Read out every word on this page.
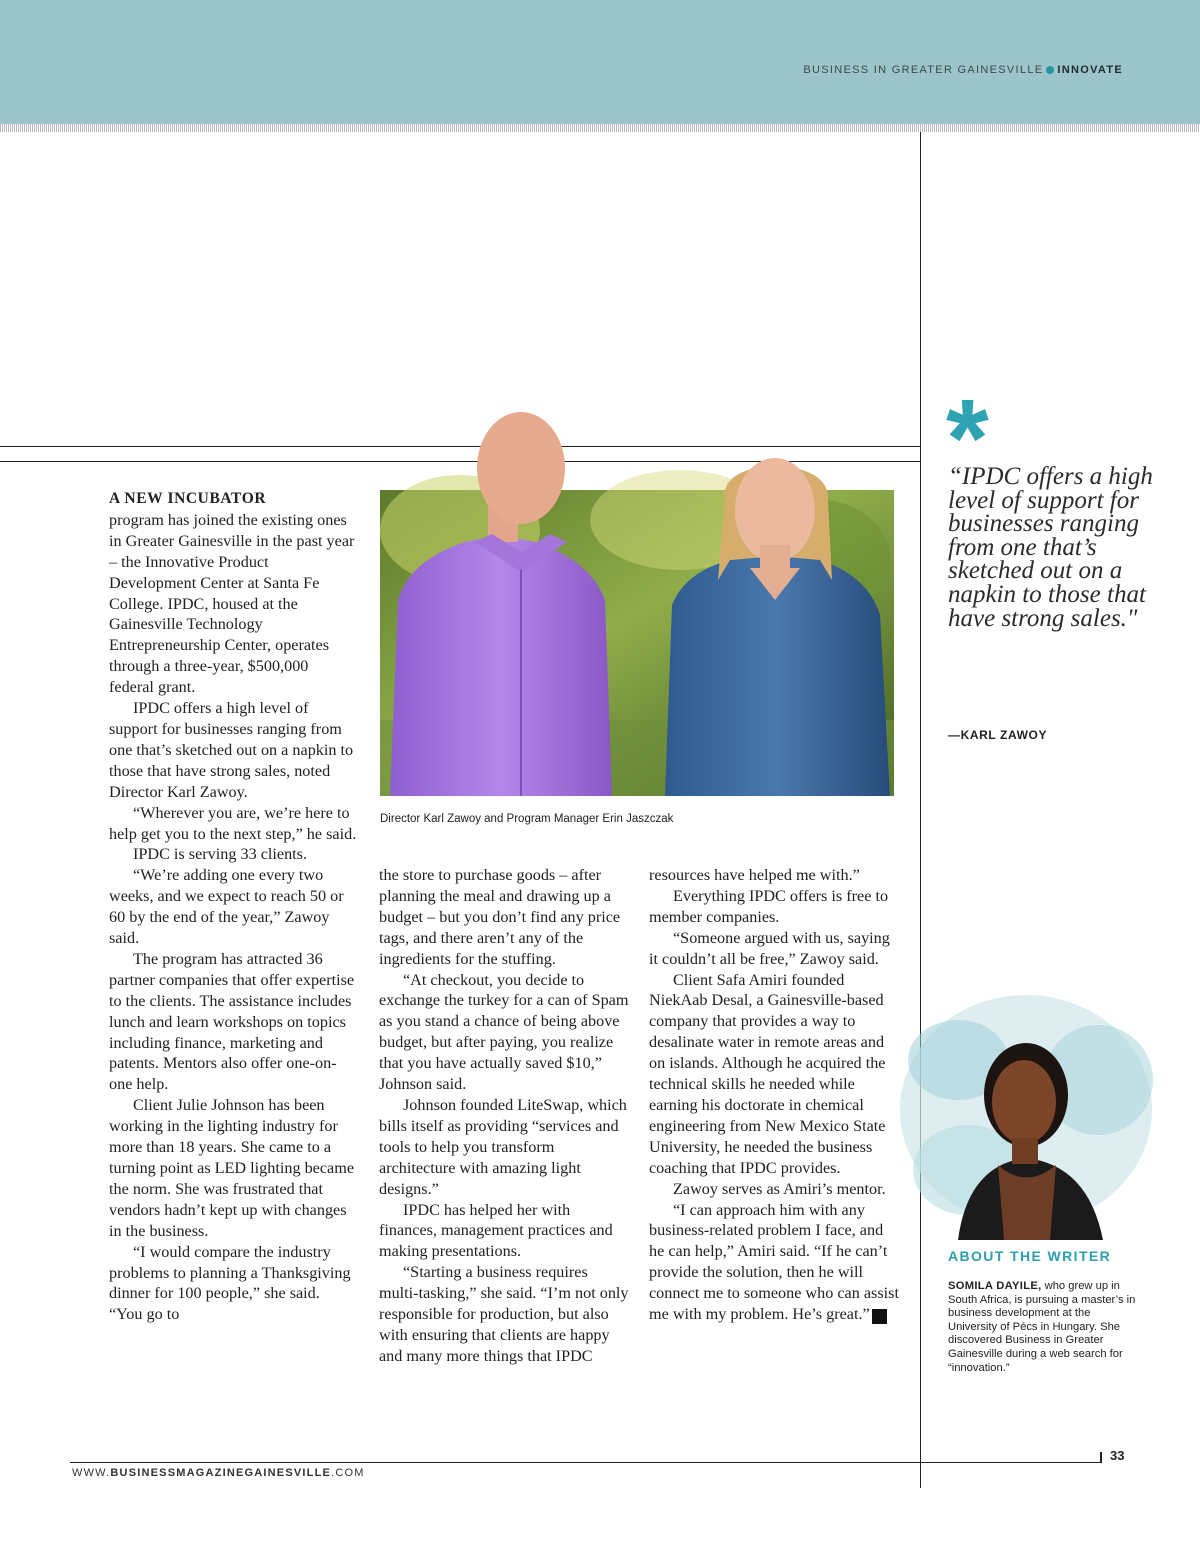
BUSINESS IN GREATER GAINESVILLE INNOVATE
Director Karl Zawoy and Program Manager Erin Jaszczak

A NEW INCUBATOR

program has joined the existing ones in Greater Gainesville in the past year – the Innovative Product Development Center at Santa Fe College. IPDC, housed at the Gainesville Technology Entrepreneurship Center, operates through a three-year, $500,000 federal grant.

IPDC offers a high level of support for businesses ranging from one that’s sketched out on a napkin to those that have strong sales, noted Director Karl Zawoy.

“Wherever you are, we’re here to help get you to the next step,” he said.

IPDC is serving 33 clients.

“We’re adding one every two weeks, and we expect to reach 50 or 60 by the end of the year,” Zawoy said.

The program has attracted 36 partner companies that offer expertise to the clients. The assistance includes lunch and learn workshops on topics including finance, marketing and patents. Mentors also offer one-on-one help.

Client Julie Johnson has been working in the lighting industry for more than 18 years. She came to a turning point as LED lighting became the norm. She was frustrated that vendors hadn’t kept up with changes in the business.

“I would compare the industry problems to planning a Thanksgiving dinner for 100 people,” she said. “You go to

the store to purchase goods – after planning the meal and drawing up a budget – but you don’t find any price tags, and there aren’t any of the ingredients for the stuffing.

“At checkout, you decide to exchange the turkey for a can of Spam as you stand a chance of being above budget, but after paying, you realize that you have actually saved $10,” Johnson said.

Johnson founded LiteSwap, which bills itself as providing “services and tools to help you transform architecture with amazing light designs.”

IPDC has helped her with finances, management practices and making presentations.

“Starting a business requires multi-tasking,” she said. “I’m not only responsible for production, but also with ensuring that clients are happy and many more things that IPDC

resources have helped me with.”

Everything IPDC offers is free to member companies.

“Someone argued with us, saying it couldn’t all be free,” Zawoy said.

Client Safa Amiri founded NiekAab Desal, a Gainesville-based company that provides a way to desalinate water in remote areas and on islands. Although he acquired the technical skills he needed while earning his doctorate in chemical engineering from New Mexico State University, he needed the business coaching that IPDC provides.

Zawoy serves as Amiri’s mentor.

“I can approach him with any business-related problem I face, and he can help,” Amiri said. “If he can’t provide the solution, then he will connect me to someone who can assist me with my problem. He’s great.” B

*
“IPDC offers a high level of support for businesses ranging from one that’s sketched out on a napkin to those that have strong sales."
—KARL ZAWOY
ABOUT THE WRITER
SOMILA DAYILE, who grew up in South Africa, is pursuing a master’s in business development at the University of Pécs in Hungary. She discovered Business in Greater Gainesville during a web search for “innovation.”
33
WWW.BUSINESSMAGAZINEGAINESVILLE.COM
